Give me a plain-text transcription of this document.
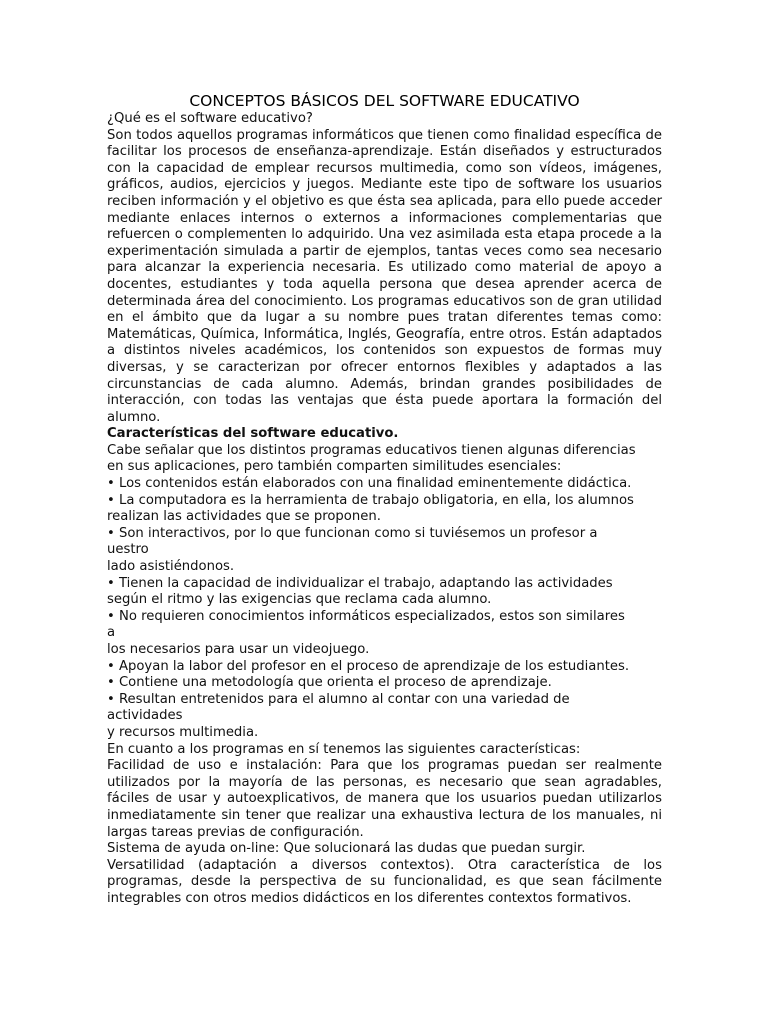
CONCEPTOS BÁSICOS DEL SOFTWARE EDUCATIVO
¿Qué es el software educativo?

Son todos aquellos programas informáticos que tienen como finalidad específica de facilitar los procesos de enseñanza-aprendizaje. Están diseñados y estructurados con la capacidad de emplear recursos multimedia, como son vídeos, imágenes, gráficos, audios, ejercicios y juegos. Mediante este tipo de software los usuarios reciben información y el objetivo es que ésta sea aplicada, para ello puede acceder mediante enlaces internos o externos a informaciones complementarias que refuercen o complementen lo adquirido. Una vez asimilada esta etapa procede a la experimentación simulada a partir de ejemplos, tantas veces como sea necesario para alcanzar la experiencia necesaria. Es utilizado como material de apoyo a docentes, estudiantes y toda aquella persona que desea aprender acerca de determinada área del conocimiento. Los programas educativos son de gran utilidad en el ámbito que da lugar a su nombre pues tratan diferentes temas como: Matemáticas, Química, Informática, Inglés, Geografía, entre otros. Están adaptados a distintos niveles académicos, los contenidos son expuestos de formas muy diversas, y se caracterizan por ofrecer entornos flexibles y adaptados a las circunstancias de cada alumno. Además, brindan grandes posibilidades de interacción, con todas las ventajas que ésta puede aportara la formación del alumno.

Características del software educativo.
Cabe señalar que los distintos programas educativos tienen algunas diferencias
en sus aplicaciones, pero también comparten similitudes esenciales:
• Los contenidos están elaborados con una finalidad eminentemente didáctica.
• La computadora es la herramienta de trabajo obligatoria, en ella, los alumnos
realizan las actividades que se proponen.
• Son interactivos, por lo que funcionan como si tuviésemos un profesor a
uestro
lado asistiéndonos.
• Tienen la capacidad de individualizar el trabajo, adaptando las actividades
según el ritmo y las exigencias que reclama cada alumno.
• No requieren conocimientos informáticos especializados, estos son similares
a
los necesarios para usar un videojuego.
• Apoyan la labor del profesor en el proceso de aprendizaje de los estudiantes.
• Contiene una metodología que orienta el proceso de aprendizaje.
• Resultan entretenidos para el alumno al contar con una variedad de
actividades
y recursos multimedia.
En cuanto a los programas en sí tenemos las siguientes características:

Facilidad de uso e instalación: Para que los programas puedan ser realmente utilizados por la mayoría de las personas, es necesario que sean agradables, fáciles de usar y autoexplicativos, de manera que los usuarios puedan utilizarlos inmediatamente sin tener que realizar una exhaustiva lectura de los manuales, ni largas tareas previas de configuración.

Sistema de ayuda on-line: Que solucionará las dudas que puedan surgir.

Versatilidad (adaptación a diversos contextos). Otra característica de los programas, desde la perspectiva de su funcionalidad, es que sean fácilmente integrables con otros medios didácticos en los diferentes contextos formativos.
